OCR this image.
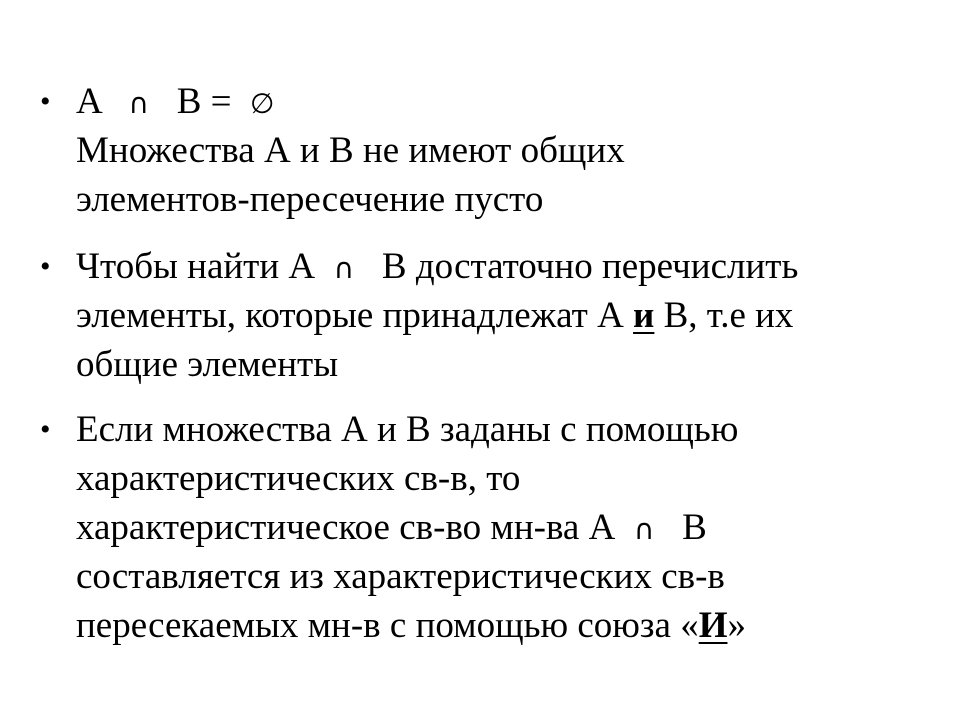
• A ∩ B = ∅
Множества А и В не имеют общих
элементов-пересечение пусто
• Чтобы найти А ∩ В достаточно перечислить
элементы, которые принадлежат А и В, т.е их
общие элементы
• Если множества А и В заданы с помощью
характеристических св-в, то
характеристическое св-во мн-ва А ∩ В
составляется из характеристических св-в
пересекаемых мн-в с помощью союза «И»
